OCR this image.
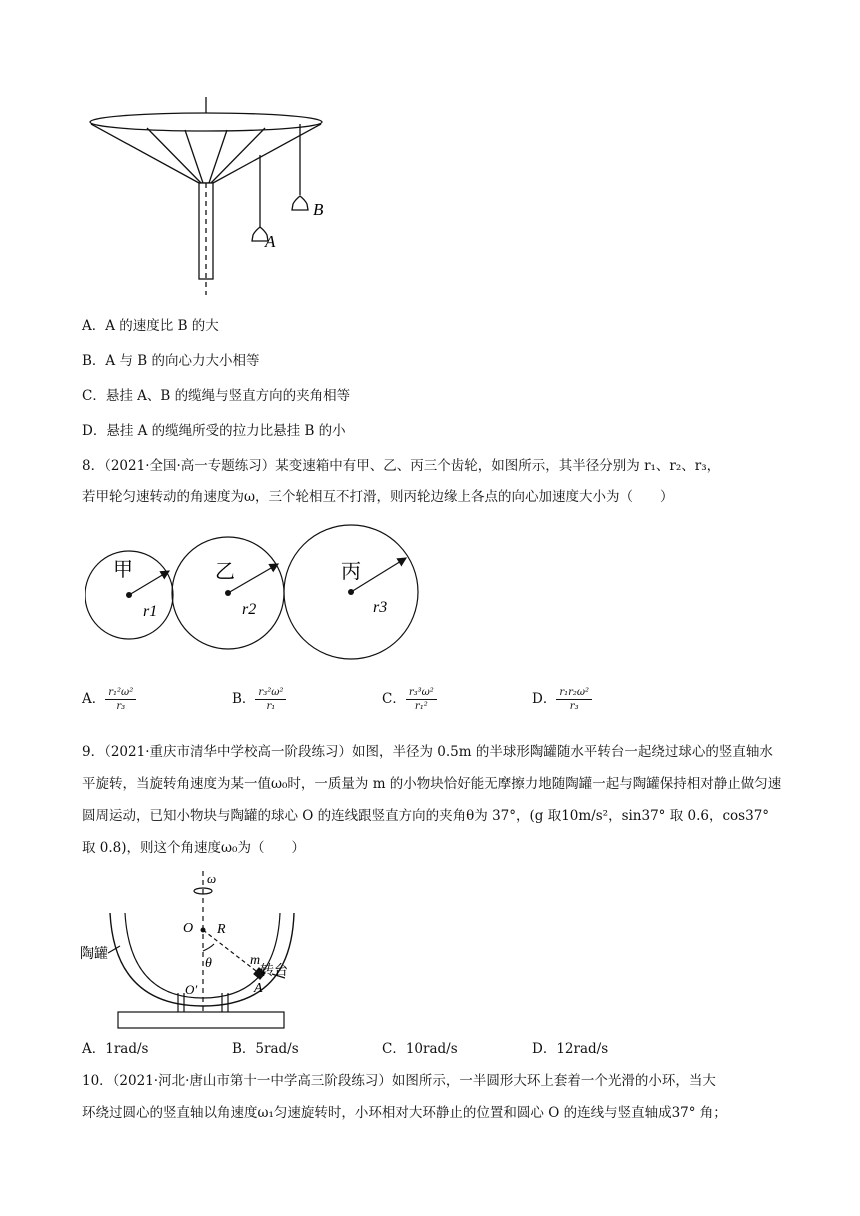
A
B
A．A 的速度比 B 的大
B．A 与 B 的向心力大小相等
C．悬挂 A、B 的缆绳与竖直方向的夹角相等
D．悬挂 A 的缆绳所受的拉力比悬挂 B 的小
8．（2021·全国·高一专题练习）某变速箱中有甲、乙、丙三个齿轮，如图所示，其半径分别为 r₁、r₂、r₃，
若甲轮匀速转动的角速度为ω，三个轮相互不打滑，则丙轮边缘上各点的向心加速度大小为（　　）
甲	乙	丙
r1	r2	r3
A． $\frac{\text{r₁²ω²}}{\text{r₃}}$	B． $\frac{\text{r₃²ω²}}{\text{r₁}}$	C． $\frac{\text{r₃³ω²}}{\text{r₁²}}$	D． $\frac{\text{r₁r₂ω²}}{\text{r₃}}$
9．（2021·重庆市清华中学校高一阶段练习）如图，半径为 0.5m 的半球形陶罐随水平转台一起绕过球心的竖直轴水平旋转，当旋转角速度为某一值ω₀时，一质量为 m 的小物块恰好能无摩擦力地随陶罐一起与陶罐保持相对静止做匀速圆周运动，已知小物块与陶罐的球心 O 的连线跟竖直方向的夹角θ为 37°，(g 取10m/s²，sin37° 取 0.6，cos37° 取 0.8)，则这个角速度ω₀为（　　）
ω
O R
θ	m
A
O′
陶罐
转台
A．1rad/s	B．5rad/s	C．10rad/s	D．12rad/s
10．（2021·河北·唐山市第十一中学高三阶段练习）如图所示，一半圆形大环上套着一个光滑的小环，当大
环绕过圆心的竖直轴以角速度ω₁匀速旋转时，小环相对大环静止的位置和圆心 O 的连线与竖直轴成37° 角；
